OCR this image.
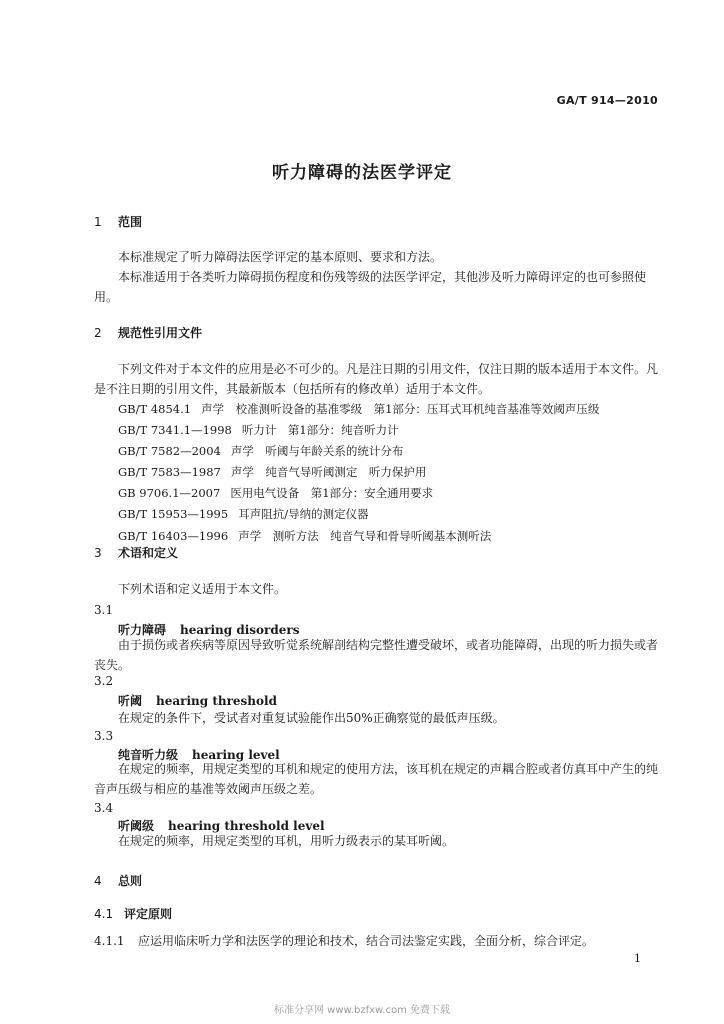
GA/T 914—2010
听力障碍的法医学评定
1 范围
本标准规定了听力障碍法医学评定的基本原则、要求和方法。
本标准适用于各类听力障碍损伤程度和伤残等级的法医学评定，其他涉及听力障碍评定的也可参照使用。
2 规范性引用文件
下列文件对于本文件的应用是必不可少的。凡是注日期的引用文件，仅注日期的版本适用于本文件。凡是不注日期的引用文件，其最新版本（包括所有的修改单）适用于本文件。
GB/T 4854.1 声学　校准测听设备的基准零级　第1部分：压耳式耳机纯音基准等效阈声压级
GB/T 7341.1—1998 听力计　第1部分：纯音听力计
GB/T 7582—2004 声学　听阈与年龄关系的统计分布
GB/T 7583—1987 声学　纯音气导听阈测定　听力保护用
GB 9706.1—2007 医用电气设备　第1部分：安全通用要求
GB/T 15953—1995 耳声阻抗/导纳的测定仪器
GB/T 16403—1996 声学　测听方法　纯音气导和骨导听阈基本测听法
3 术语和定义
下列术语和定义适用于本文件。
3.1
听力障碍 hearing disorders
由于损伤或者疾病等原因导致听觉系统解剖结构完整性遭受破坏，或者功能障碍，出现的听力损失或者丧失。
3.2
听阈 hearing threshold
在规定的条件下，受试者对重复试验能作出50%正确察觉的最低声压级。
3.3
纯音听力级 hearing level
在规定的频率，用规定类型的耳机和规定的使用方法，该耳机在规定的声耦合腔或者仿真耳中产生的纯音声压级与相应的基准等效阈声压级之差。
3.4
听阈级 hearing threshold level
在规定的频率，用规定类型的耳机，用听力级表示的某耳听阈。
4 总则
4.1 评定原则
4.1.1 应运用临床听力学和法医学的理论和技术，结合司法鉴定实践，全面分析，综合评定。
1
标准分享网 www.bzfxw.com 免费下载
